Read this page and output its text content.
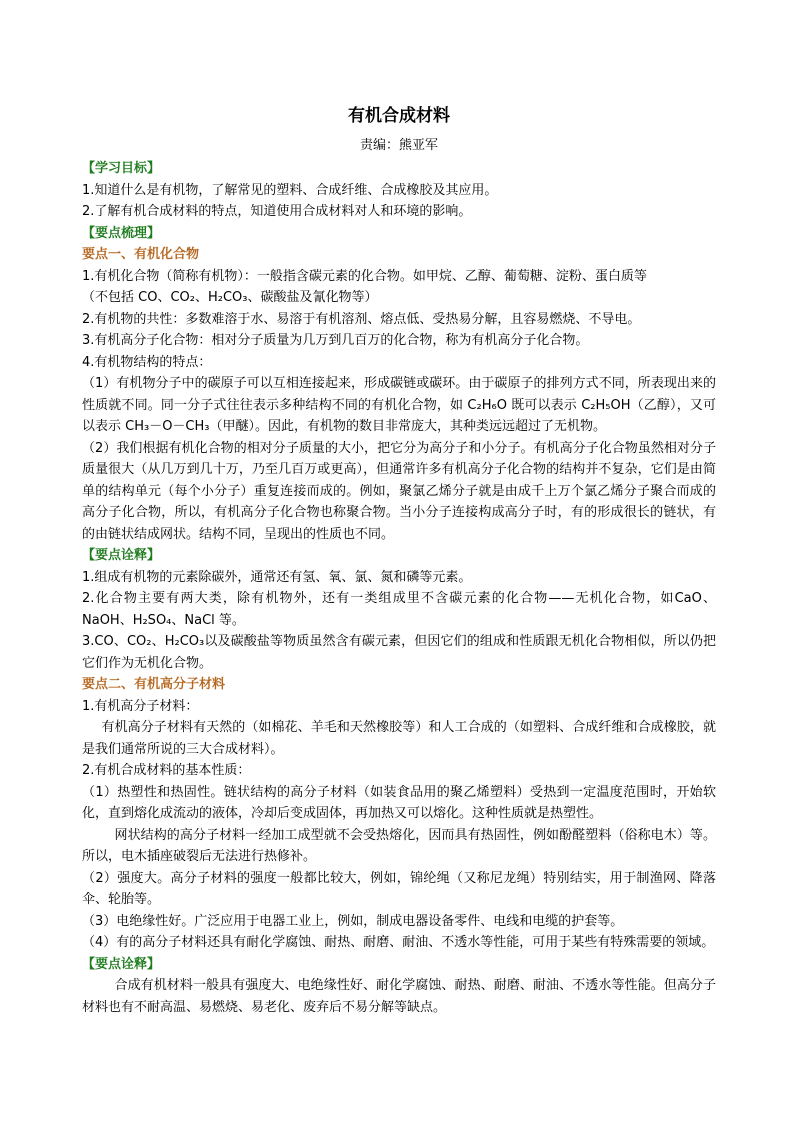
有机合成材料
责编：熊亚军

【学习目标】

1.知道什么是有机物，了解常见的塑料、合成纤维、合成橡胶及其应用。

2.了解有机合成材料的特点，知道使用合成材料对人和环境的影响。

【要点梳理】

要点一、有机化合物

1.有机化合物（简称有机物）：一般指含碳元素的化合物。如甲烷、乙醇、葡萄糖、淀粉、蛋白质等

（不包括 CO、CO₂、H₂CO₃、碳酸盐及氰化物等）

2.有机物的共性：多数难溶于水、易溶于有机溶剂、熔点低、受热易分解，且容易燃烧、不导电。

3.有机高分子化合物：相对分子质量为几万到几百万的化合物，称为有机高分子化合物。

4.有机物结构的特点：

（1）有机物分子中的碳原子可以互相连接起来，形成碳链或碳环。由于碳原子的排列方式不同，所表现出来的性质就不同。同一分子式往往表示多种结构不同的有机化合物，如 C₂H₆O 既可以表示 C₂H₅OH（乙醇），又可以表示 CH₃－O－CH₃（甲醚）。因此，有机物的数目非常庞大，其种类远远超过了无机物。

（2）我们根据有机化合物的相对分子质量的大小，把它分为高分子和小分子。有机高分子化合物虽然相对分子质量很大（从几万到几十万，乃至几百万或更高），但通常许多有机高分子化合物的结构并不复杂，它们是由简单的结构单元（每个小分子）重复连接而成的。例如，聚氯乙烯分子就是由成千上万个氯乙烯分子聚合而成的高分子化合物，所以，有机高分子化合物也称聚合物。当小分子连接构成高分子时，有的形成很长的链状，有的由链状结成网状。结构不同，呈现出的性质也不同。

【要点诠释】

1.组成有机物的元素除碳外，通常还有氢、氧、氯、氮和磷等元素。

2.化合物主要有两大类，除有机物外，还有一类组成里不含碳元素的化合物——无机化合物，如CaO、NaOH、H₂SO₄、NaCl 等。

3.CO、CO₂、H₂CO₃以及碳酸盐等物质虽然含有碳元素，但因它们的组成和性质跟无机化合物相似，所以仍把它们作为无机化合物。

要点二、有机高分子材料

1.有机高分子材料：

有机高分子材料有天然的（如棉花、羊毛和天然橡胶等）和人工合成的（如塑料、合成纤维和合成橡胶，就是我们通常所说的三大合成材料）。

2.有机合成材料的基本性质：

（1）热塑性和热固性。链状结构的高分子材料（如装食品用的聚乙烯塑料）受热到一定温度范围时，开始软化，直到熔化成流动的液体，冷却后变成固体，再加热又可以熔化。这种性质就是热塑性。

网状结构的高分子材料一经加工成型就不会受热熔化，因而具有热固性，例如酚醛塑料（俗称电木）等。所以，电木插座破裂后无法进行热修补。

（2）强度大。高分子材料的强度一般都比较大，例如，锦纶绳（又称尼龙绳）特别结实，用于制渔网、降落伞、轮胎等。

（3）电绝缘性好。广泛应用于电器工业上，例如，制成电器设备零件、电线和电缆的护套等。

（4）有的高分子材料还具有耐化学腐蚀、耐热、耐磨、耐油、不透水等性能，可用于某些有特殊需要的领域。

【要点诠释】

合成有机材料一般具有强度大、电绝缘性好、耐化学腐蚀、耐热、耐磨、耐油、不透水等性能。但高分子材料也有不耐高温、易燃烧、易老化、废弃后不易分解等缺点。
